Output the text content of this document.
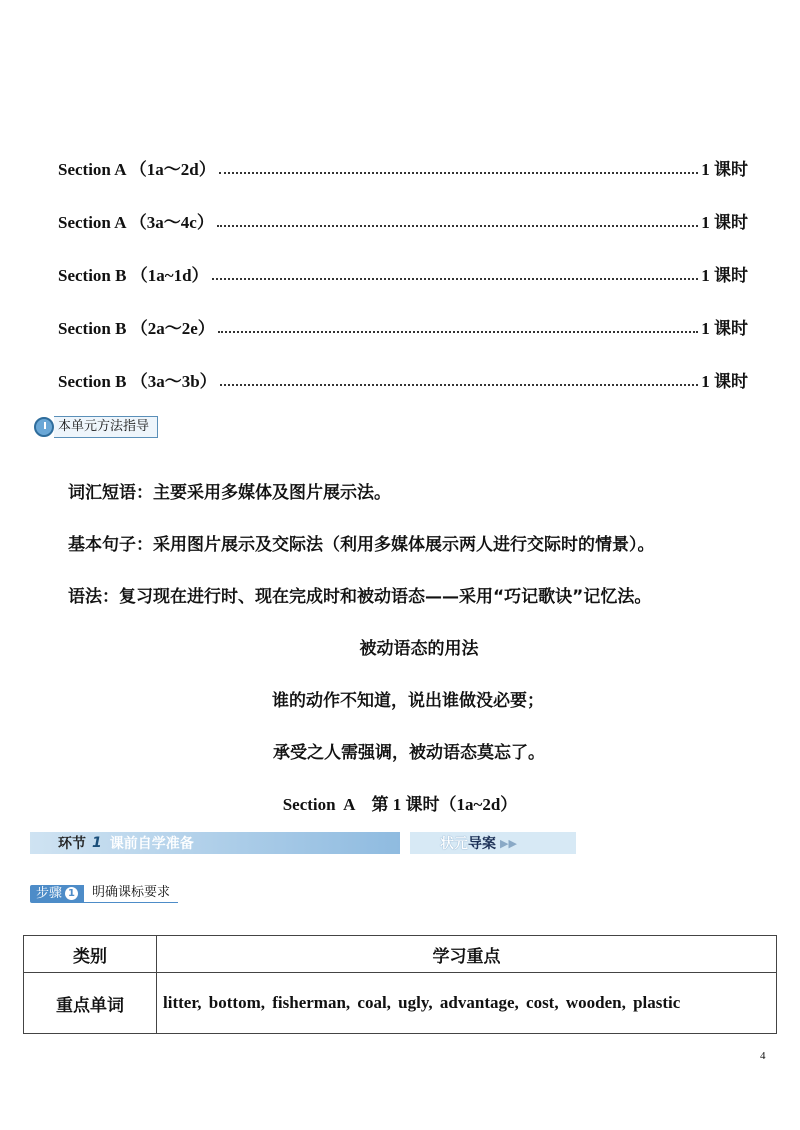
Section A （1a～2d）	1 课时
Section A （3a～4c）	1 课时
Section B （1a~1d）	1 课时
Section B （2a～2e）	1 课时
Section B （3a～3b）	1 课时
本单元方法指导
词汇短语：主要采用多媒体及图片展示法。
基本句子：采用图片展示及交际法（利用多媒体展示两人进行交际时的情景）。
语法：复习现在进行时、现在完成时和被动语态——采用“巧记歌诀”记忆法。
被动语态的用法
谁的动作不知道，说出谁做没必要；
承受之人需强调，被动语态莫忘了。
Section  A    第 1 课时（1a~2d）
环节 1 课前自学准备	状元 导案 ▶▶
步骤 1	明确课标要求
类别	学习重点
重点单词	litter, bottom, fisherman, coal, ugly, advantage, cost, wooden, plastic
4
